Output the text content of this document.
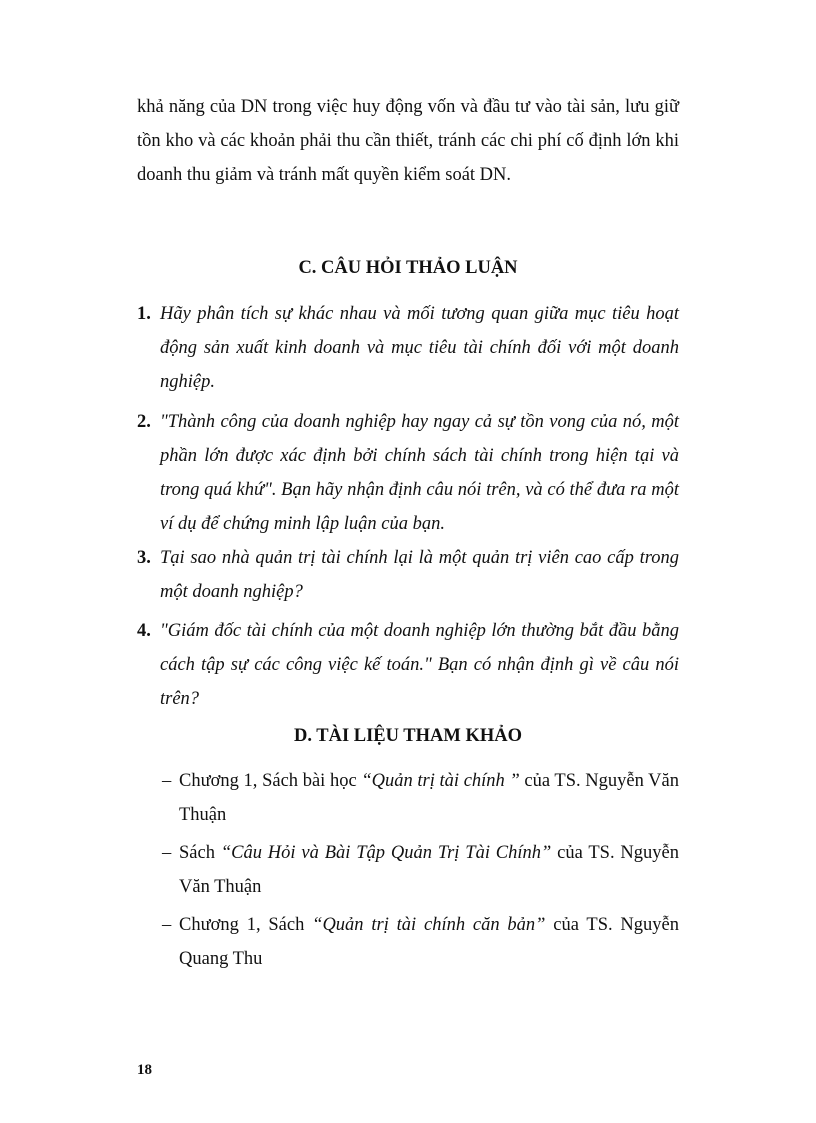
khả năng của DN trong việc huy động vốn và đầu tư vào tài sản, lưu giữ tồn kho và các khoản phải thu cần thiết, tránh các chi phí cố định lớn khi doanh thu giảm và tránh mất quyền kiểm soát DN.

C. CÂU HỎI THẢO LUẬN
1. Hãy phân tích sự khác nhau và mối tương quan giữa mục tiêu hoạt động sản xuất kinh doanh và mục tiêu tài chính đối với một doanh nghiệp.
2. "Thành công của doanh nghiệp hay ngay cả sự tồn vong của nó, một phần lớn được xác định bởi chính sách tài chính trong hiện tại và trong quá khứ". Bạn hãy nhận định câu nói trên, và có thể đưa ra một ví dụ để chứng minh lập luận của bạn.
3. Tại sao nhà quản trị tài chính lại là một quản trị viên cao cấp trong một doanh nghiệp?
4. "Giám đốc tài chính của một doanh nghiệp lớn thường bắt đầu bằng cách tập sự các công việc kế toán." Bạn có nhận định gì về câu nói trên?
D. TÀI LIỆU THAM KHẢO
– Chương 1, Sách bài học “Quản trị tài chính ” của TS. Nguyễn Văn Thuận
– Sách “Câu Hỏi và Bài Tập Quản Trị Tài Chính” của TS. Nguyễn Văn Thuận
– Chương 1, Sách “Quản trị tài chính căn bản” của TS. Nguyễn Quang Thu
18
